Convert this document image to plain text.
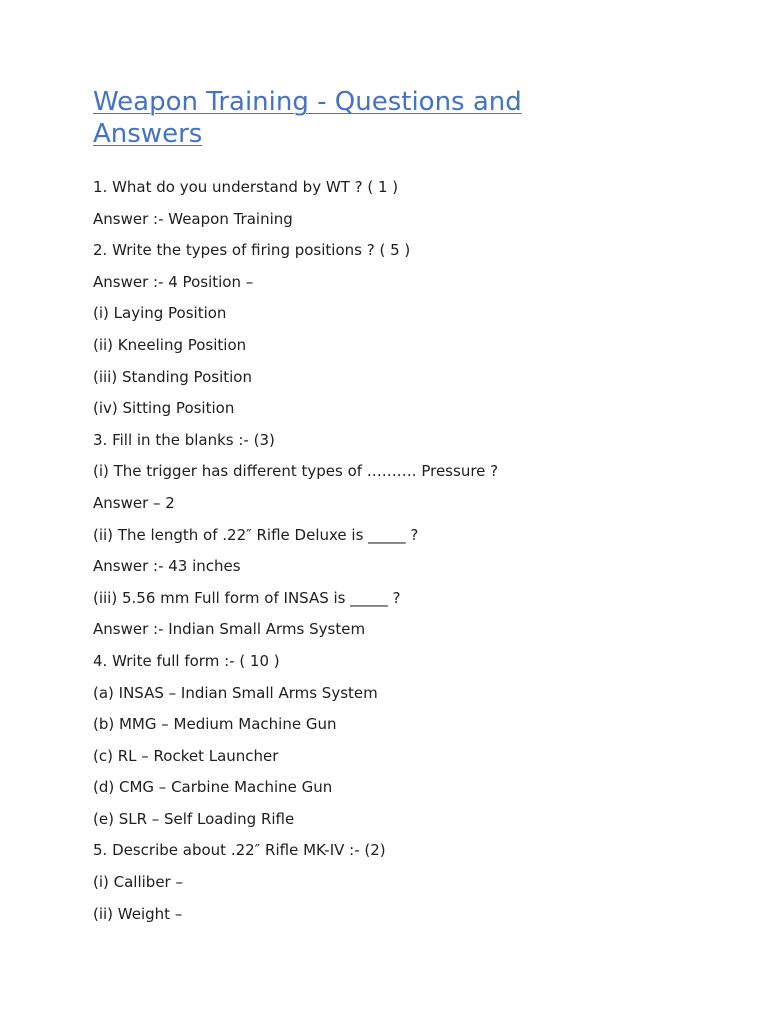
Weapon Training - Questions and Answers
1. What do you understand by WT ? ( 1 )
Answer :- Weapon Training
2. Write the types of firing positions ? ( 5 )
Answer :- 4 Position –
(i) Laying Position
(ii) Kneeling Position
(iii) Standing Position
(iv) Sitting Position
3. Fill in the blanks :- (3)
(i) The trigger has different types of ………. Pressure ?
Answer – 2
(ii) The length of .22″ Rifle Deluxe is _____ ?
Answer :- 43 inches
(iii) 5.56 mm Full form of INSAS is _____ ?
Answer :- Indian Small Arms System
4. Write full form :- ( 10 )
(a) INSAS – Indian Small Arms System
(b) MMG – Medium Machine Gun
(c) RL – Rocket Launcher
(d) CMG – Carbine Machine Gun
(e) SLR – Self Loading Rifle
5. Describe about .22″ Rifle MK-IV :- (2)
(i) Calliber –
(ii) Weight –
